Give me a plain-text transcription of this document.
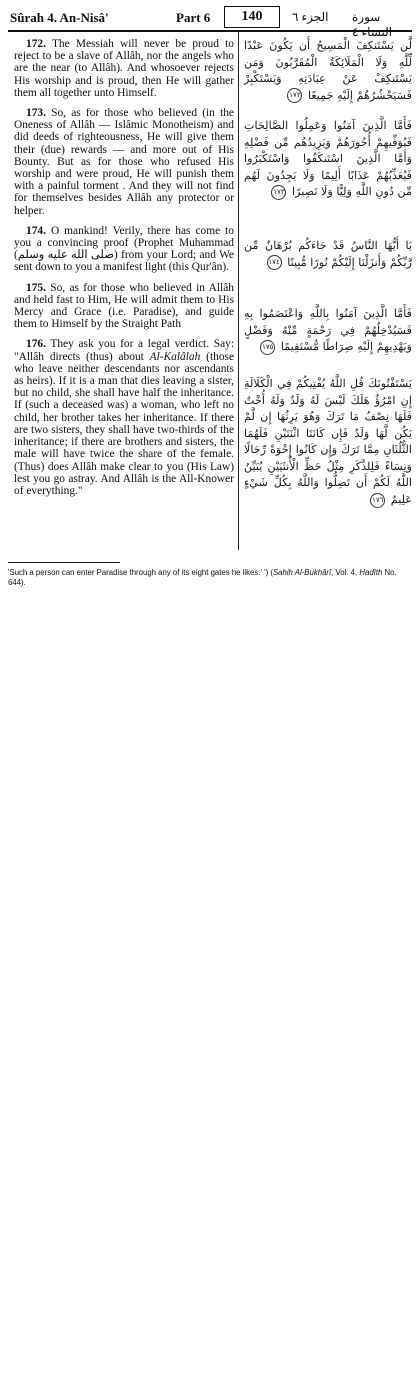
Sûrah 4. An-Nisâ'	Part 6	140	الجزء ٦ سورة النساء ٤

172. The Messiah will never be proud to reject to be a slave of Allâh, nor the angels who are the near (to Allâh). And whosoever rejects His worship and is proud, then He will gather them all together unto Himself.

173. So, as for those who believed (in the Oneness of Allâh — Islâmic Monotheism) and did deeds of righteousness, He will give them their (due) rewards — and more out of His Bounty. But as for those who refused His worship and were proud, He will punish them with a painful torment . And they will not find for themselves besides Allâh any protector or helper.

174. O mankind! Verily, there has come to you a convincing proof (Prophet Muhammad (صلى الله عليه وسلم) from your Lord; and We sent down to you a manifest light (this Qur'ân).

175. So, as for those who believed in Allâh and held fast to Him, He will admit them to His Mercy and Grace (i.e. Paradise), and guide them to Himself by the Straight Path

176. They ask you for a legal verdict. Say: "Allâh directs (thus) about Al-Kalâlah (those who leave neither descendants nor ascendants as heirs). If it is a man that dies leaving a sister, but no child, she shall have half the inheritance. If (such a deceased was) a woman, who left no child, her brother takes her inheritance. If there are two sisters, they shall have two-thirds of the inheritance; if there are brothers and sisters, the male will have twice the share of the female. (Thus) does Allâh make clear to you (His Law) lest you go astray. And Allâh is the All-Knower of everything."

لَّن يَسْتَنكِفَ الْمَسِيحُ أَن يَكُونَ عَبْدًا لِّلَّهِ وَلَا الْمَلَائِكَةُ الْمُقَرَّبُونَ وَمَن يَسْتَنكِفْ عَنْ عِبَادَتِهِ وَيَسْتَكْبِرْ فَسَيَحْشُرُهُمْ إِلَيْهِ جَمِيعًا ١٧٢
فَأَمَّا الَّذِينَ آمَنُوا وَعَمِلُوا الصَّالِحَاتِ فَيُوَفِّيهِمْ أُجُورَهُمْ وَيَزِيدُهُم مِّن فَضْلِهِ وَأَمَّا الَّذِينَ اسْتَنكَفُوا وَاسْتَكْبَرُوا فَيُعَذِّبُهُمْ عَذَابًا أَلِيمًا وَلَا يَجِدُونَ لَهُم مِّن دُونِ اللَّهِ وَلِيًّا وَلَا نَصِيرًا ١٧٣
يَا أَيُّهَا النَّاسُ قَدْ جَاءَكُم بُرْهَانٌ مِّن رَّبِّكُمْ وَأَنزَلْنَا إِلَيْكُمْ نُورًا مُّبِينًا ١٧٤
فَأَمَّا الَّذِينَ آمَنُوا بِاللَّهِ وَاعْتَصَمُوا بِهِ فَسَيُدْخِلُهُمْ فِي رَحْمَةٍ مِّنْهُ وَفَضْلٍ وَيَهْدِيهِمْ إِلَيْهِ صِرَاطًا مُّسْتَقِيمًا ١٧٥
يَسْتَفْتُونَكَ قُلِ اللَّهُ يُفْتِيكُمْ فِي الْكَلَالَةِ إِنِ امْرُؤٌ هَلَكَ لَيْسَ لَهُ وَلَدٌ وَلَهُ أُخْتٌ فَلَهَا نِصْفُ مَا تَرَكَ وَهُوَ يَرِثُهَا إِن لَّمْ يَكُن لَّهَا وَلَدٌ فَإِن كَانَتَا اثْنَتَيْنِ فَلَهُمَا الثُّلُثَانِ مِمَّا تَرَكَ وَإِن كَانُوا إِخْوَةً رِّجَالًا وَنِسَاءً فَلِلذَّكَرِ مِثْلُ حَظِّ الْأُنثَيَيْنِ يُبَيِّنُ اللَّهُ لَكُمْ أَن تَضِلُّوا وَاللَّهُ بِكُلِّ شَيْءٍ عَلِيمٌ ١٧٦
'Such a person can enter Paradise through any of its eight gates he likes.' ') (Sahih Al-Bukhârî, Vol. 4, Hadîth No. 644).
